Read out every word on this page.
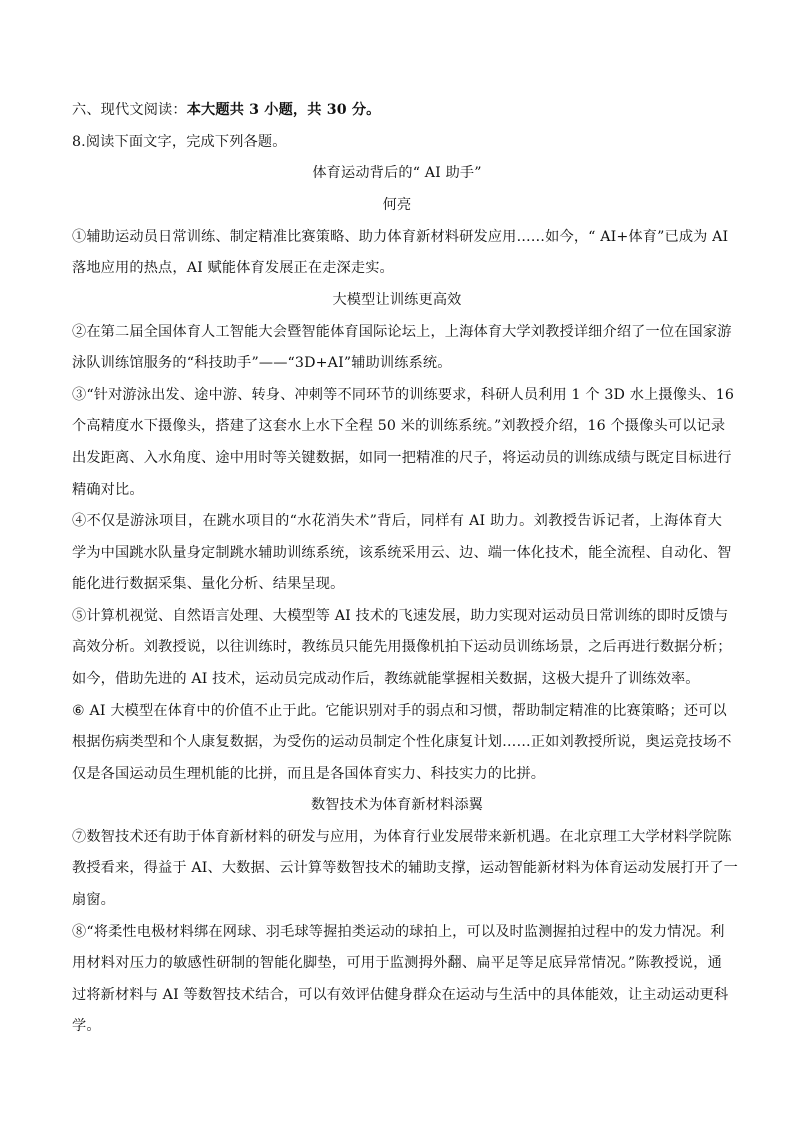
六、现代文阅读：本大题共 3 小题，共 30 分。
8.阅读下面文字，完成下列各题。
体育运动背后的“ AI 助手”
何亮
①辅助运动员日常训练、制定精准比赛策略、助力体育新材料研发应用……如今，“ AI+体育”已成为 AI
落地应用的热点，AI 赋能体育发展正在走深走实。
大模型让训练更高效
②在第二届全国体育人工智能大会暨智能体育国际论坛上，上海体育大学刘教授详细介绍了一位在国家游
泳队训练馆服务的“科技助手”——“3D+AI”辅助训练系统。
③“针对游泳出发、途中游、转身、冲刺等不同环节的训练要求，科研人员利用 1 个 3D 水上摄像头、16
个高精度水下摄像头，搭建了这套水上水下全程 50 米的训练系统。”刘教授介绍，16 个摄像头可以记录
出发距离、入水角度、途中用时等关键数据，如同一把精准的尺子，将运动员的训练成绩与既定目标进行
精确对比。
④不仅是游泳项目，在跳水项目的“水花消失术”背后，同样有 AI 助力。刘教授告诉记者，上海体育大
学为中国跳水队量身定制跳水辅助训练系统，该系统采用云、边、端一体化技术，能全流程、自动化、智
能化进行数据采集、量化分析、结果呈现。
⑤计算机视觉、自然语言处理、大模型等 AI 技术的飞速发展，助力实现对运动员日常训练的即时反馈与
高效分析。刘教授说，以往训练时，教练员只能先用摄像机拍下运动员训练场景，之后再进行数据分析；
如今，借助先进的 AI 技术，运动员完成动作后，教练就能掌握相关数据，这极大提升了训练效率。
⑥ AI 大模型在体育中的价值不止于此。它能识别对手的弱点和习惯，帮助制定精准的比赛策略；还可以
根据伤病类型和个人康复数据，为受伤的运动员制定个性化康复计划……正如刘教授所说，奥运竞技场不
仅是各国运动员生理机能的比拼，而且是各国体育实力、科技实力的比拼。
数智技术为体育新材料添翼
⑦数智技术还有助于体育新材料的研发与应用，为体育行业发展带来新机遇。在北京理工大学材料学院陈
教授看来，得益于 AI、大数据、云计算等数智技术的辅助支撑，运动智能新材料为体育运动发展打开了一
扇窗。
⑧“将柔性电极材料绑在网球、羽毛球等握拍类运动的球拍上，可以及时监测握拍过程中的发力情况。利
用材料对压力的敏感性研制的智能化脚垫，可用于监测拇外翻、扁平足等足底异常情况。”陈教授说，通
过将新材料与 AI 等数智技术结合，可以有效评估健身群众在运动与生活中的具体能效，让主动运动更科
学。
